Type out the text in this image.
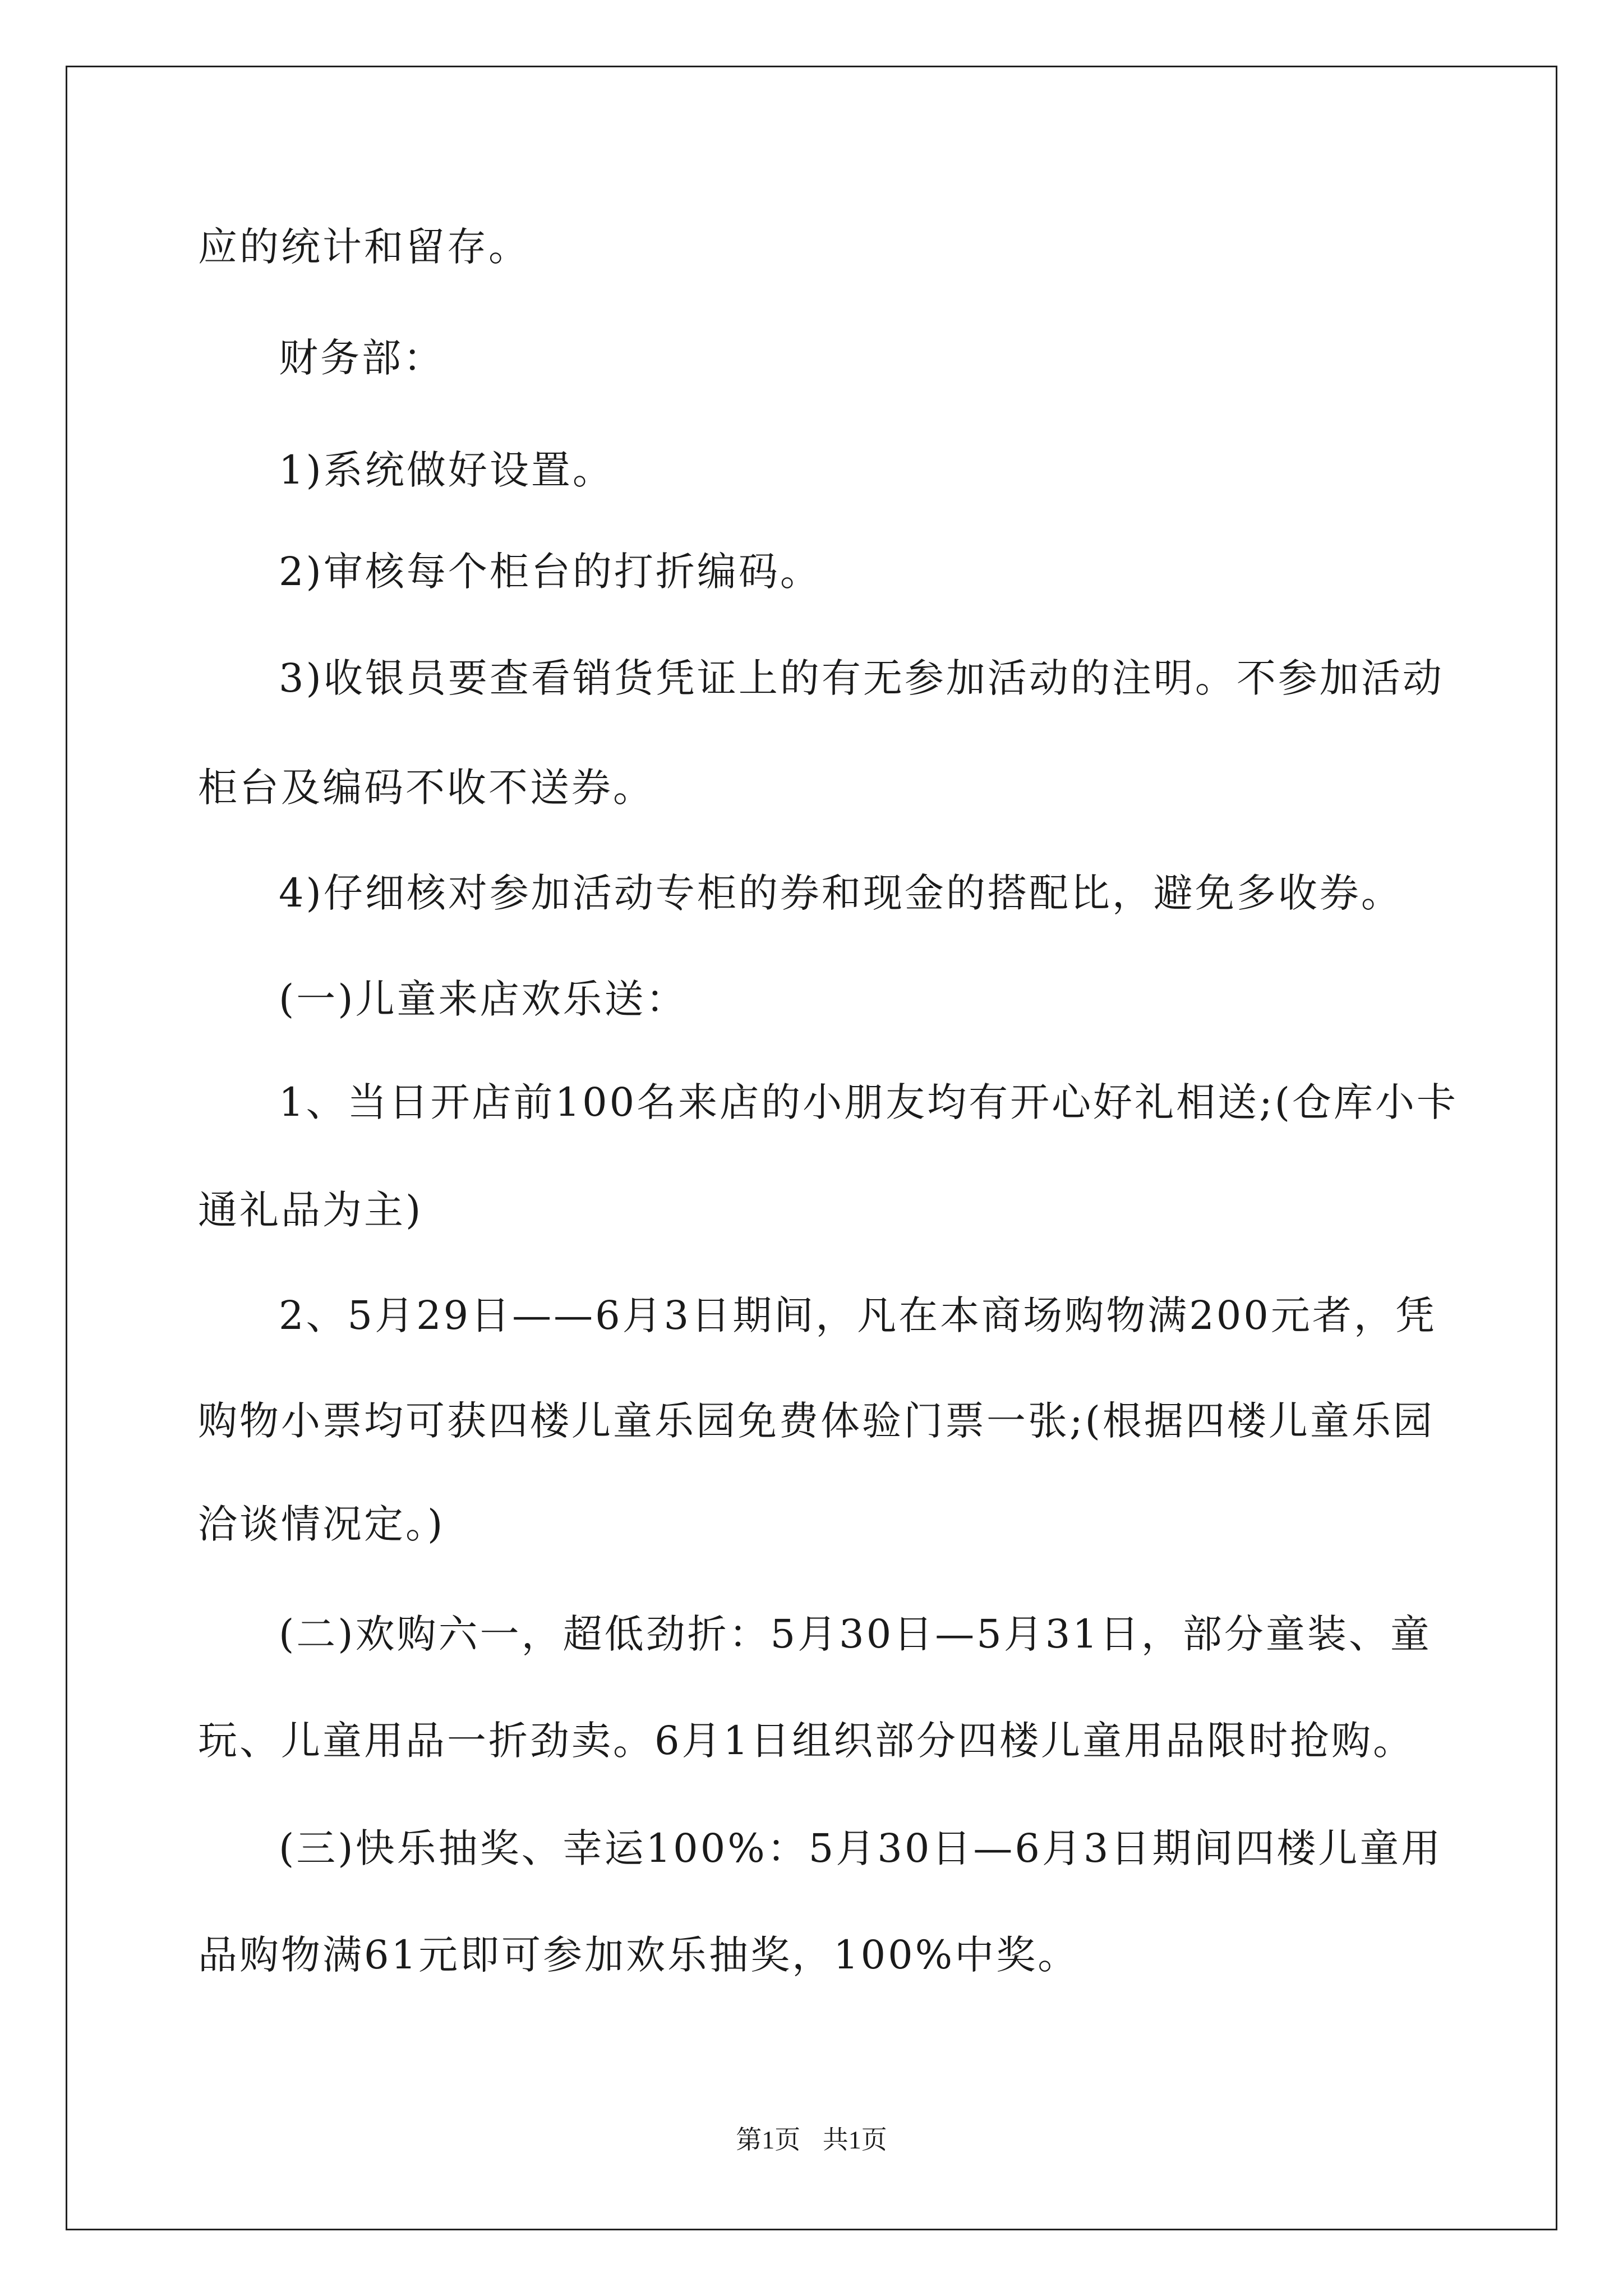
应的统计和留存。
财务部：
1)系统做好设置。
2)审核每个柜台的打折编码。
3)收银员要查看销货凭证上的有无参加活动的注明。不参加活动
柜台及编码不收不送券。
4)仔细核对参加活动专柜的券和现金的搭配比，避免多收券。
(一)儿童来店欢乐送：
1、当日开店前100名来店的小朋友均有开心好礼相送;(仓库小卡
通礼品为主)
2、5月29日——6月3日期间，凡在本商场购物满200元者，凭
购物小票均可获四楼儿童乐园免费体验门票一张;(根据四楼儿童乐园
洽谈情况定。)
(二)欢购六一，超低劲折：5月30日—5月31日，部分童装、童
玩、儿童用品一折劲卖。6月1日组织部分四楼儿童用品限时抢购。
(三)快乐抽奖、幸运100%：5月30日—6月3日期间四楼儿童用
品购物满61元即可参加欢乐抽奖，100%中奖。
第1页 共1页
